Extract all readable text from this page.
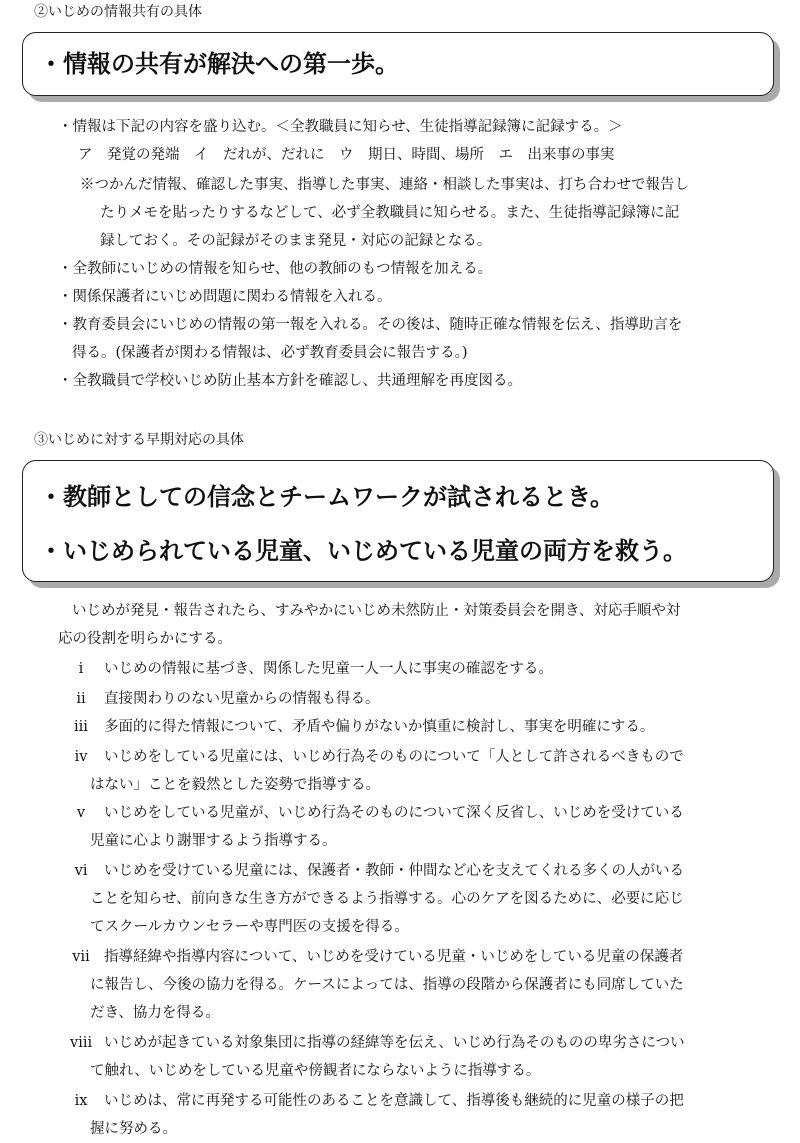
②いじめの情報共有の具体
・情報の共有が解決への第一歩。
・情報は下記の内容を盛り込む。＜全教職員に知らせ、生徒指導記録簿に記録する。＞
ア　発覚の発端　イ　だれが、だれに　ウ　期日、時間、場所　エ　出来事の事実
※つかんだ情報、確認した事実、指導した事実、連絡・相談した事実は、打ち合わせで報告し
たりメモを貼ったりするなどして、必ず全教職員に知らせる。また、生徒指導記録簿に記
録しておく。その記録がそのまま発見・対応の記録となる。
・全教師にいじめの情報を知らせ、他の教師のもつ情報を加える。
・関係保護者にいじめ問題に関わる情報を入れる。
・教育委員会にいじめの情報の第一報を入れる。その後は、随時正確な情報を伝え、指導助言を
得る。(保護者が関わる情報は、必ず教育委員会に報告する。)
・全教職員で学校いじめ防止基本方針を確認し、共通理解を再度図る。
③いじめに対する早期対応の具体
・教師としての信念とチームワークが試されるとき。
・いじめられている児童、いじめている児童の両方を救う。
いじめが発見・報告されたら、すみやかにいじめ未然防止・対策委員会を開き、対応手順や対
応の役割を明らかにする。
ⅰ	いじめの情報に基づき、関係した児童一人一人に事実の確認をする。
ⅱ	直接関わりのない児童からの情報も得る。
ⅲ	多面的に得た情報について、矛盾や偏りがないか慎重に検討し、事実を明確にする。
ⅳ	いじめをしている児童には、いじめ行為そのものについて「人として許されるべきもので
はない」ことを毅然とした姿勢で指導する。
ⅴ	いじめをしている児童が、いじめ行為そのものについて深く反省し、いじめを受けている
児童に心より謝罪するよう指導する。
ⅵ	いじめを受けている児童には、保護者・教師・仲間など心を支えてくれる多くの人がいる
ことを知らせ、前向きな生き方ができるよう指導する。心のケアを図るために、必要に応じ
てスクールカウンセラーや専門医の支援を得る。
ⅶ 指導経緯や指導内容について、いじめを受けている児童・いじめをしている児童の保護者
に報告し、今後の協力を得る。ケースによっては、指導の段階から保護者にも同席していた
だき、協力を得る。
ⅷ いじめが起きている対象集団に指導の経緯等を伝え、いじめ行為そのものの卑劣さについ
て触れ、いじめをしている児童や傍観者にならないように指導する。
ⅸ	いじめは、常に再発する可能性のあることを意識して、指導後も継続的に児童の様子の把
握に努める。
